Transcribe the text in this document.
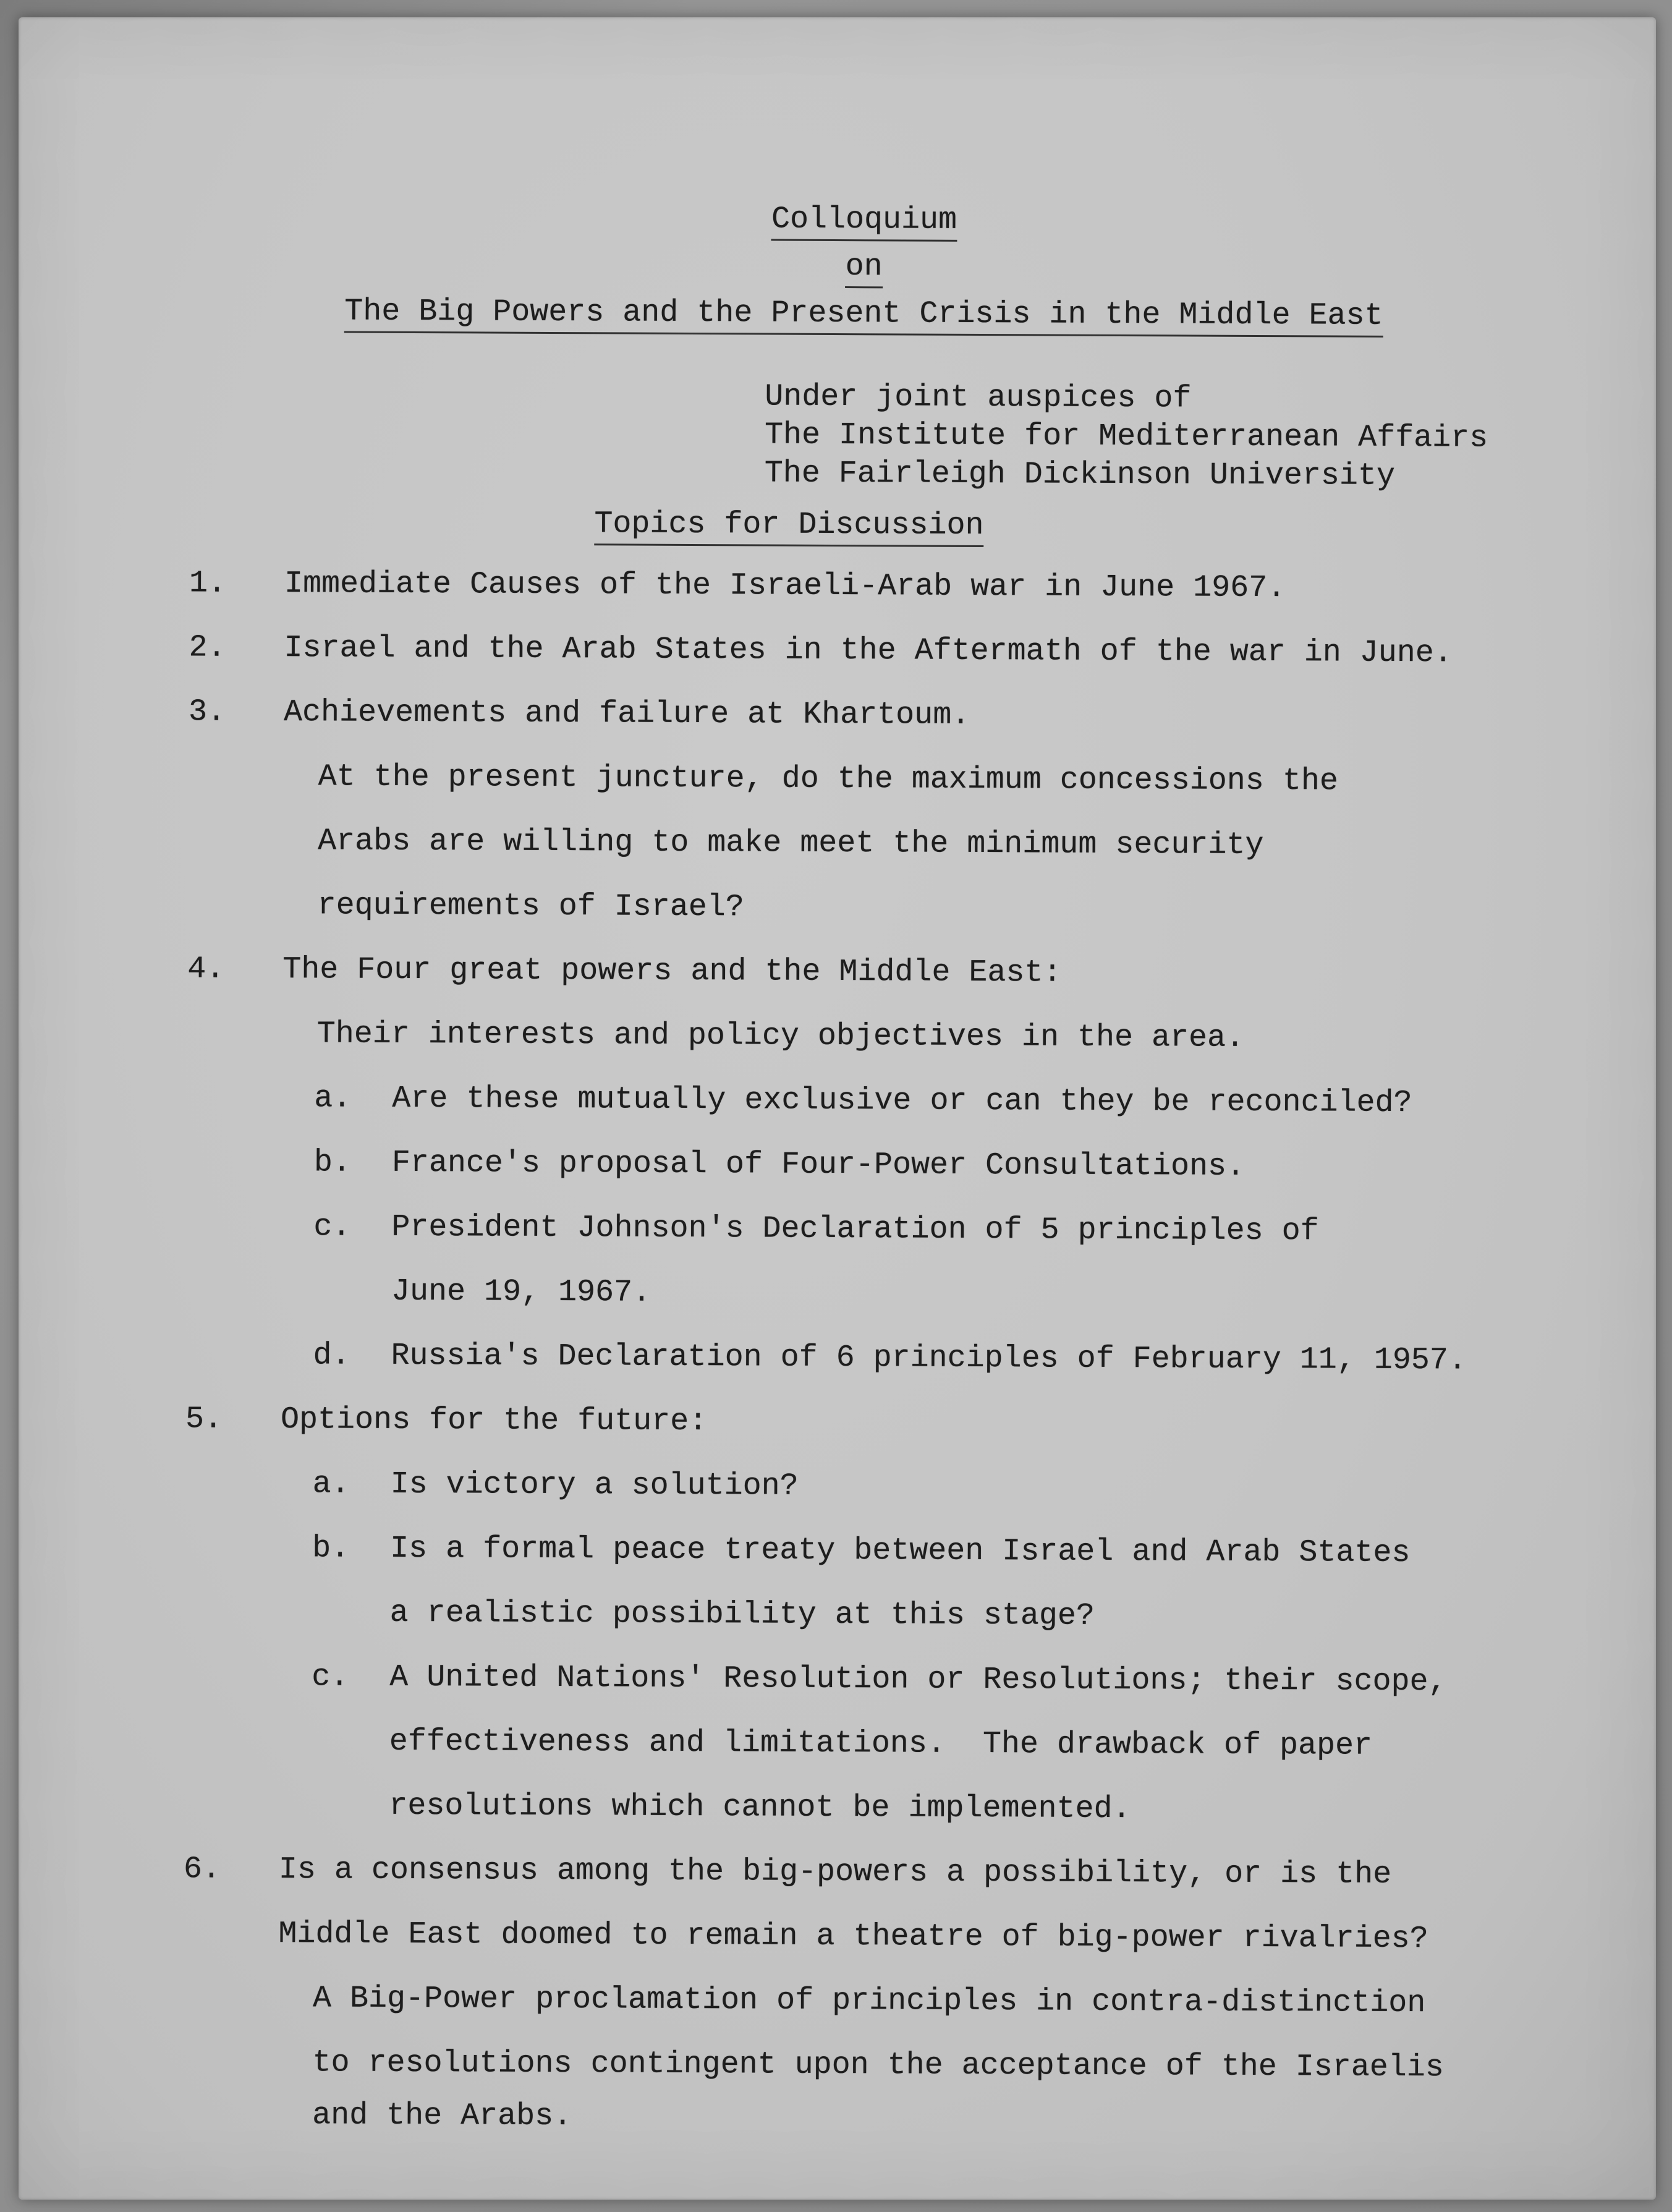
Colloquium
on
The Big Powers and the Present Crisis in the Middle East
Under joint auspices of
The Institute for Mediterranean Affairs
The Fairleigh Dickinson University
Topics for Discussion
1.	Immediate Causes of the Israeli-Arab war in June 1967.
2.	Israel and the Arab States in the Aftermath of the war in June.
3.	Achievements and failure at Khartoum.
At the present juncture, do the maximum concessions the
Arabs are willing to make meet the minimum security
requirements of Israel?
4.	The Four great powers and the Middle East:
Their interests and policy objectives in the area.
a.	Are these mutually exclusive or can they be reconciled?
b.	France's proposal of Four-Power Consultations.
c.	President Johnson's Declaration of 5 principles of
June 19, 1967.
d.	Russia's Declaration of 6 principles of February 11, 1957.
5.	Options for the future:
a.	Is victory a solution?
b.	Is a formal peace treaty between Israel and Arab States
a realistic possibility at this stage?
c.	A United Nations' Resolution or Resolutions; their scope,
effectiveness and limitations.  The drawback of paper
resolutions which cannot be implemented.
6.	Is a consensus among the big-powers a possibility, or is the
Middle East doomed to remain a theatre of big-power rivalries?
A Big-Power proclamation of principles in contra-distinction
to resolutions contingent upon the acceptance of the Israelis
and the Arabs.
